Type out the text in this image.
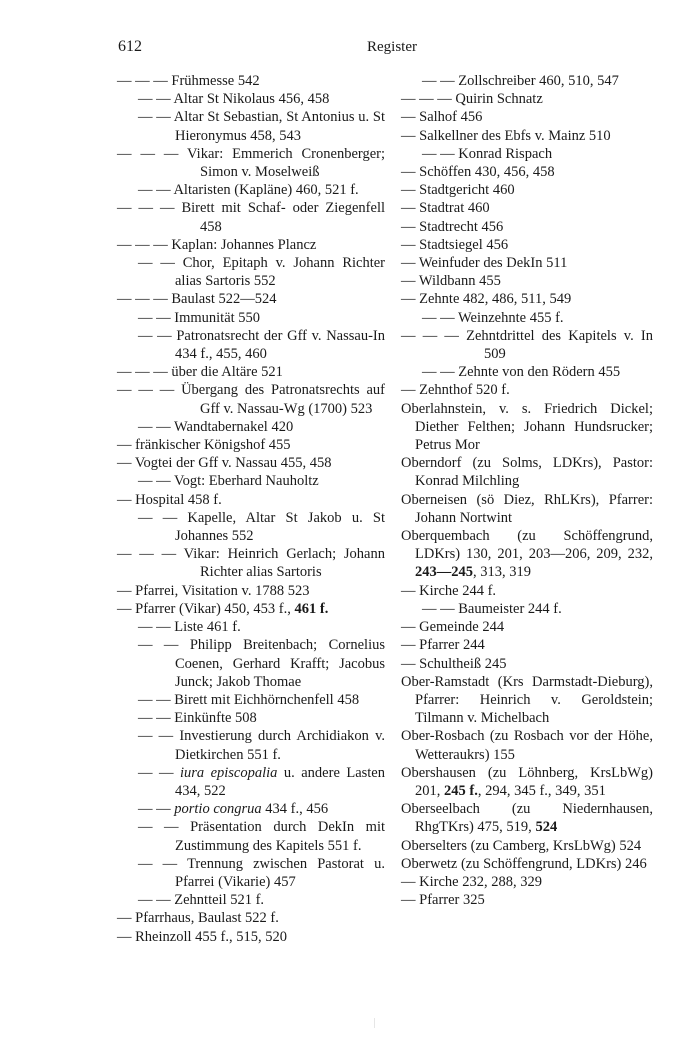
612	Register
— — — Frühmesse 542
— — Altar St Nikolaus 456, 458
— — Altar St Sebastian, St Antonius u. St Hieronymus 458, 543
— — — Vikar: Emmerich Cronenberger; Simon v. Moselweiß
— — Altaristen (Kapläne) 460, 521 f.
— — — Birett mit Schaf- oder Ziegenfell 458
— — — Kaplan: Johannes Plancz
— — Chor, Epitaph v. Johann Richter alias Sartoris 552
— — — Baulast 522—524
— — Immunität 550
— — Patronatsrecht der Gff v. Nassau-In 434 f., 455, 460
— — — über die Altäre 521
— — — Übergang des Patronatsrechts auf Gff v. Nassau-Wg (1700) 523
— — Wandtabernakel 420
— fränkischer Königshof 455
— Vogtei der Gff v. Nassau 455, 458
— — Vogt: Eberhard Nauholtz
— Hospital 458 f.
— — Kapelle, Altar St Jakob u. St Johannes 552
— — — Vikar: Heinrich Gerlach; Johann Richter alias Sartoris
— Pfarrei, Visitation v. 1788 523
— Pfarrer (Vikar) 450, 453 f., 461 f.
— — Liste 461 f.
— — Philipp Breitenbach; Cornelius Coenen, Gerhard Krafft; Jacobus Junck; Jakob Thomae
— — Birett mit Eichhörnchenfell 458
— — Einkünfte 508
— — Investierung durch Archidiakon v. Dietkirchen 551 f.
— — iura episcopalia u. andere Lasten 434, 522
— — portio congrua 434 f., 456
— — Präsentation durch DekIn mit Zustimmung des Kapitels 551 f.
— — Trennung zwischen Pastorat u. Pfarrei (Vikarie) 457
— — Zehntteil 521 f.
— Pfarrhaus, Baulast 522 f.
— Rheinzoll 455 f., 515, 520
— — Zollschreiber 460, 510, 547
— — — Quirin Schnatz
— Salhof 456
— Salkellner des Ebfs v. Mainz 510
— — Konrad Rispach
— Schöffen 430, 456, 458
— Stadtgericht 460
— Stadtrat 460
— Stadtrecht 456
— Stadtsiegel 456
— Weinfuder des DekIn 511
— Wildbann 455
— Zehnte 482, 486, 511, 549
— — Weinzehnte 455 f.
— — — Zehntdrittel des Kapitels v. In 509
— — Zehnte von den Rödern 455
— Zehnthof 520 f.
Oberlahnstein, v. s. Friedrich Dickel; Diether Felthen; Johann Hundsrucker; Petrus Mor
Oberndorf (zu Solms, LDKrs), Pastor: Konrad Milchling
Oberneisen (sö Diez, RhLKrs), Pfarrer: Johann Nortwint
Oberquembach (zu Schöffengrund, LDKrs) 130, 201, 203—206, 209, 232, 243—245, 313, 319
— Kirche 244 f.
— — Baumeister 244 f.
— Gemeinde 244
— Pfarrer 244
— Schultheiß 245
Ober-Ramstadt (Krs Darmstadt-Dieburg), Pfarrer: Heinrich v. Geroldstein; Tilmann v. Michelbach
Ober-Rosbach (zu Rosbach vor der Höhe, Wetteraukrs) 155
Obershausen (zu Löhnberg, KrsLbWg) 201, 245 f., 294, 345 f., 349, 351
Oberseelbach (zu Niedernhausen, RhgTKrs) 475, 519, 524
Oberselters (zu Camberg, KrsLbWg) 524
Oberwetz (zu Schöffengrund, LDKrs) 246
— Kirche 232, 288, 329
— Pfarrer 325
